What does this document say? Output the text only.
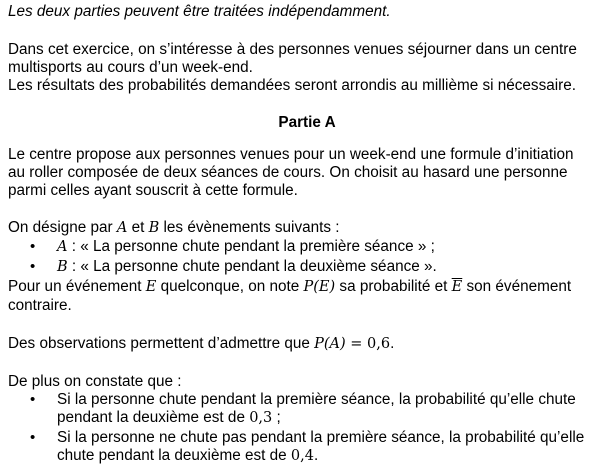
Les deux parties peuvent être traitées indépendamment.
Dans cet exercice, on s’intéresse à des personnes venues séjourner dans un centre
multisports au cours d’un week-end.
Les résultats des probabilités demandées seront arrondis au millième si nécessaire.
Partie A
Le centre propose aux personnes venues pour un week-end une formule d’initiation
au roller composée de deux séances de cours. On choisit au hasard une personne
parmi celles ayant souscrit à cette formule.
On désigne par A et B les évènements suivants :
•
A : « La personne chute pendant la première séance » ;
•
B : « La personne chute pendant la deuxième séance ».
Pour un événement E quelconque, on note P(E) sa probabilité et $\overline{E}$ son événement
contraire.
Des observations permettent d’admettre que P(A) = 0,6.
De plus on constate que :
•
Si la personne chute pendant la première séance, la probabilité qu’elle chute
pendant la deuxième est de 0,3 ;
•
Si la personne ne chute pas pendant la première séance, la probabilité qu’elle
chute pendant la deuxième est de 0,4.
